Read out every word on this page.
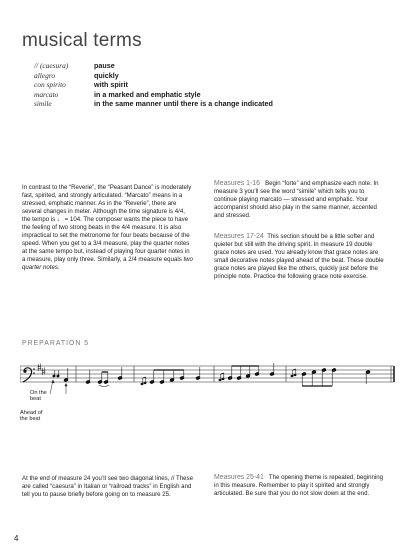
musical terms
// (caesura)	pause
allegro	quickly
con spirito	with spirit
marcato	in a marked and emphatic style
simile	in the same manner until there is a change indicated

In contrast to the “Reverie”, the “Peasant Dance” is moderately fast, spirited, and strongly articulated. “Marcato” means in a stressed, emphatic manner. As in the “Reverie”, there are several changes in meter. Although the time signature is 4/4, the tempo is ♩ = 104. The composer wants the piece to have the feeling of two strong beats in the 4/4 measure. It is also impractical to set the metronome for four beats because of the speed. When you get to a 3/4 measure, play the quarter notes at the same tempo but, instead of playing four quarter notes in a measure, play only three. Similarly, a 2/4 measure equals two quarter notes.

Measures 1-16 Begin “forte” and emphasize each note. In measure 3 you’ll see the word “simile” which tells you to continue playing marcato — stressed and emphatic. Your accompanist should also play in the same manner, accented and stressed.

Measures 17-24 This section should be a little softer and quieter but still with the driving spirit. In measure 19 double grace notes are used. You already know that grace notes are small decorative notes played ahead of the beat. These double grace notes are played like the others, quickly just before the principle note. Practice the following grace note exercise.

PREPARATION 5
On the
beat
Ahead of
the beat

At the end of measure 24 you’ll see two diagonal lines, // These are called “caesura” in Italian or “railroad tracks” in English and tell you to pause briefly before going on to measure 25.

Measures 25-41 The opening theme is repeated, beginning in this measure. Remember to play it spirited and strongly articulated. Be sure that you do not slow down at the end.

4
